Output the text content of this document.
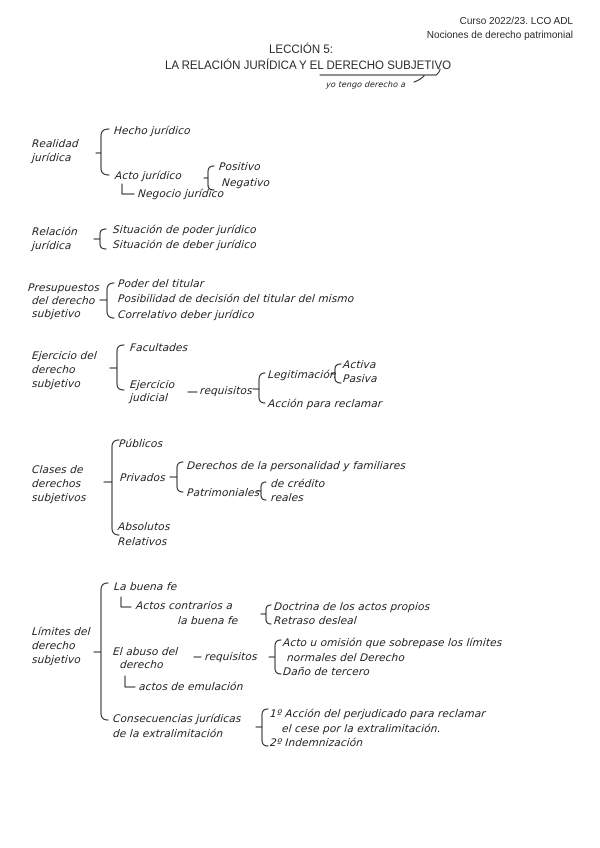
Curso 2022/23. LCO ADL
Nociones de derecho patrimonial
LECCIÓN 5:
LA RELACIÓN JURÍDICA Y EL DERECHO SUBJETIVO
yo tengo derecho a
Realidad
jurídica
Hecho jurídico
Acto jurídico
Positivo
Negativo
Negocio jurídico
Relación
jurídica
Situación de poder jurídico
Situación de deber jurídico
Presupuestos
del derecho
subjetivo
Poder del titular
Posibilidad de decisión del titular del mismo
Correlativo deber jurídico
Ejercicio del
derecho
subjetivo
Facultades
Ejercicio
judicial
requisitos
Legitimación
Activa
Pasiva
Acción para reclamar
Clases de
derechos
subjetivos
Públicos
Privados
Derechos de la personalidad y familiares
Patrimoniales
de crédito
reales
Absolutos
Relativos
Límites del
derecho
subjetivo
La buena fe
Actos contrarios a
la buena fe
Doctrina de los actos propios
Retraso desleal
El abuso del
derecho
requisitos
Acto u omisión que sobrepase los límites
normales del Derecho
Daño de tercero
actos de emulación
Consecuencias jurídicas
de la extralimitación
1º Acción del perjudicado para reclamar
el cese por la extralimitación.
2º Indemnización
